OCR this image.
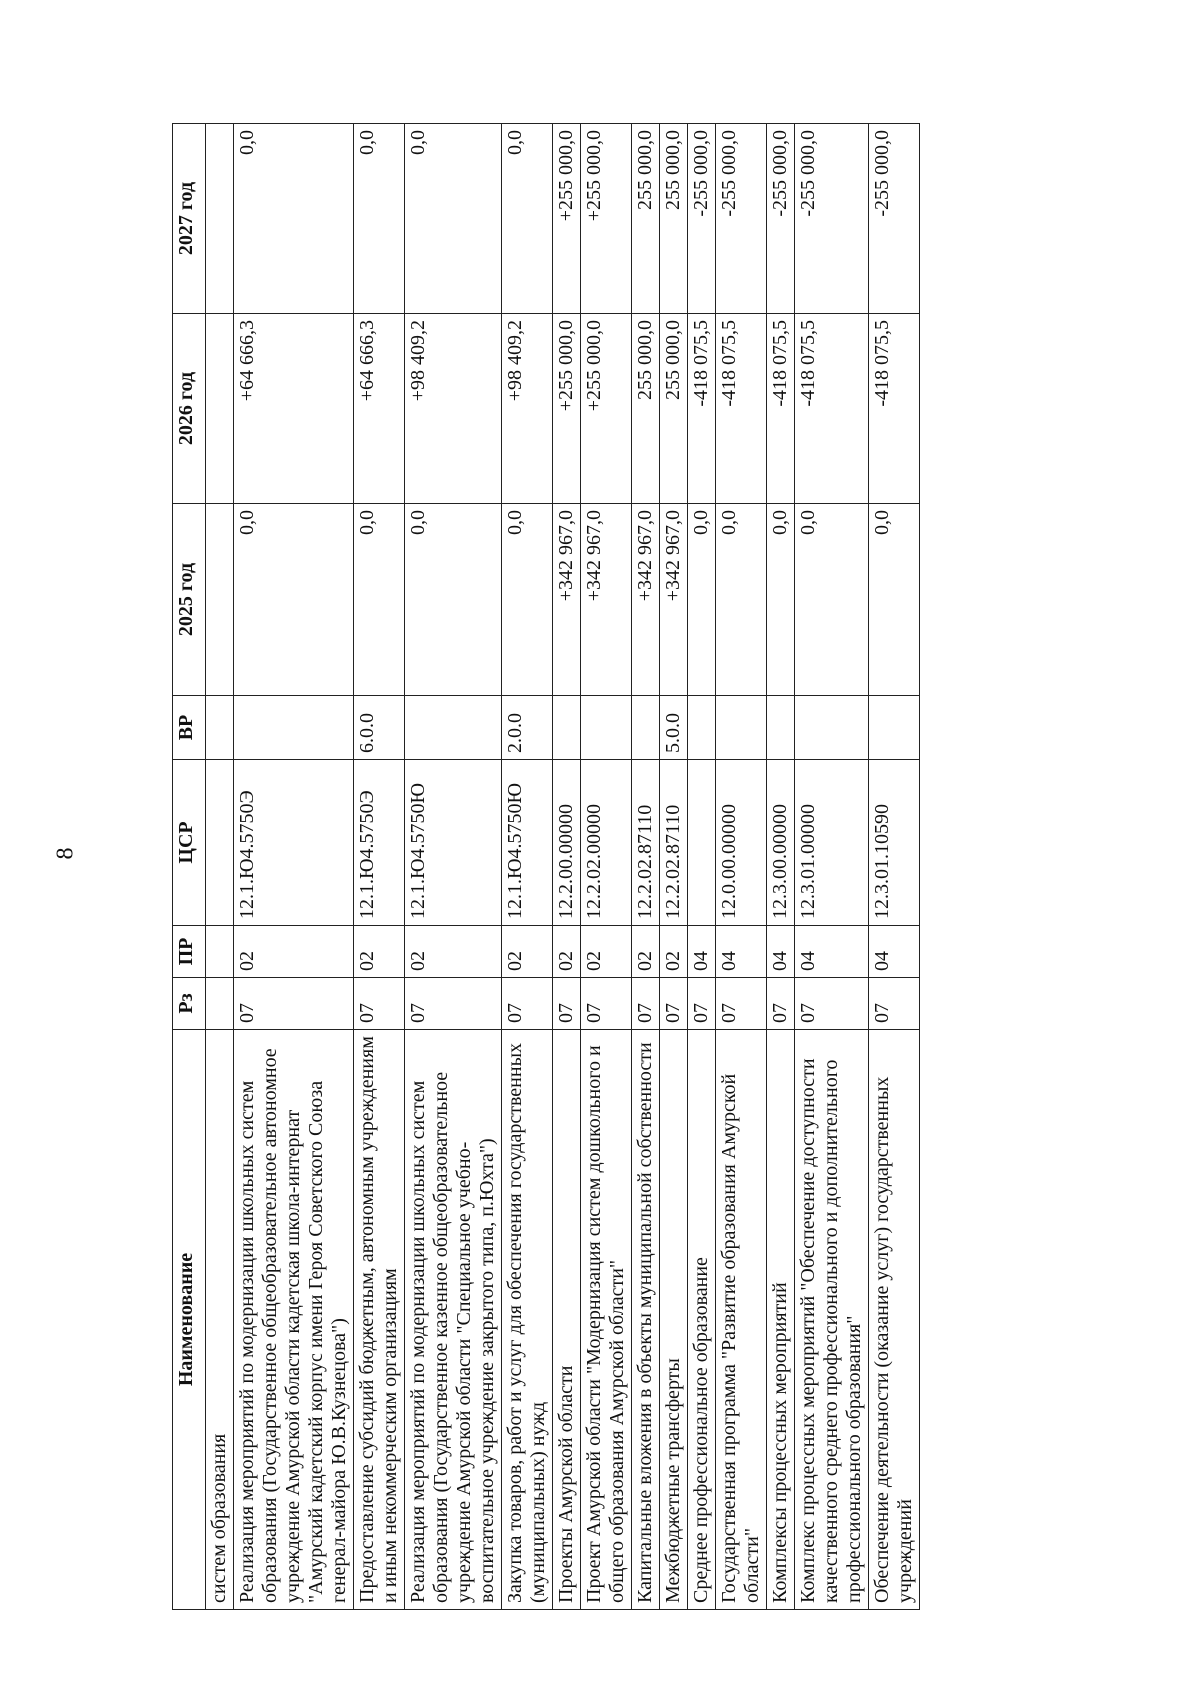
8
Наименование	Рз	ПР	ЦСР	ВР	2025 год	2026 год	2027 год
систем образования							
Реализация мероприятий по модернизации школьных систем образования (Государственное общеобразовательное автономное учреждение Амурской области кадетская школа-интернат "Амурский кадетский корпус имени Героя Советского Союза генерал-майора Ю.В.Кузнецова")	07	02	12.1.Ю4.5750Э		0,0	+64 666,3	0,0
Предоставление субсидий бюджетным, автономным учреждениям и иным некоммерческим организациям	07	02	12.1.Ю4.5750Э	6.0.0	0,0	+64 666,3	0,0
Реализация мероприятий по модернизации школьных систем образования (Государственное казенное общеобразовательное учреждение Амурской области "Специальное учебно-воспитательное учреждение закрытого типа, п.Юхта")	07	02	12.1.Ю4.5750Ю		0,0	+98 409,2	0,0
Закупка товаров, работ и услуг для обеспечения государственных (муниципальных) нужд	07	02	12.1.Ю4.5750Ю	2.0.0	0,0	+98 409,2	0,0
Проекты Амурской области	07	02	12.2.00.00000		+342 967,0	+255 000,0	+255 000,0
Проект Амурской области "Модернизация систем дошкольного и общего образования Амурской области"	07	02	12.2.02.00000		+342 967,0	+255 000,0	+255 000,0
Капитальные вложения в объекты муниципальной собственности	07	02	12.2.02.87110		+342 967,0	255 000,0	255 000,0
Межбюджетные трансферты	07	02	12.2.02.87110	5.0.0	+342 967,0	255 000,0	255 000,0
Среднее профессиональное образование	07	04			0,0	-418 075,5	-255 000,0
Государственная программа "Развитие образования Амурской области"	07	04	12.0.00.00000		0,0	-418 075,5	-255 000,0
Комплексы процессных мероприятий	07	04	12.3.00.00000		0,0	-418 075,5	-255 000,0
Комплекс процессных мероприятий "Обеспечение доступности качественного среднего профессионального и дополнительного профессионального образования"	07	04	12.3.01.00000		0,0	-418 075,5	-255 000,0
Обеспечение деятельности (оказание услуг) государственных учреждений	07	04	12.3.01.10590		0,0	-418 075,5	-255 000,0
